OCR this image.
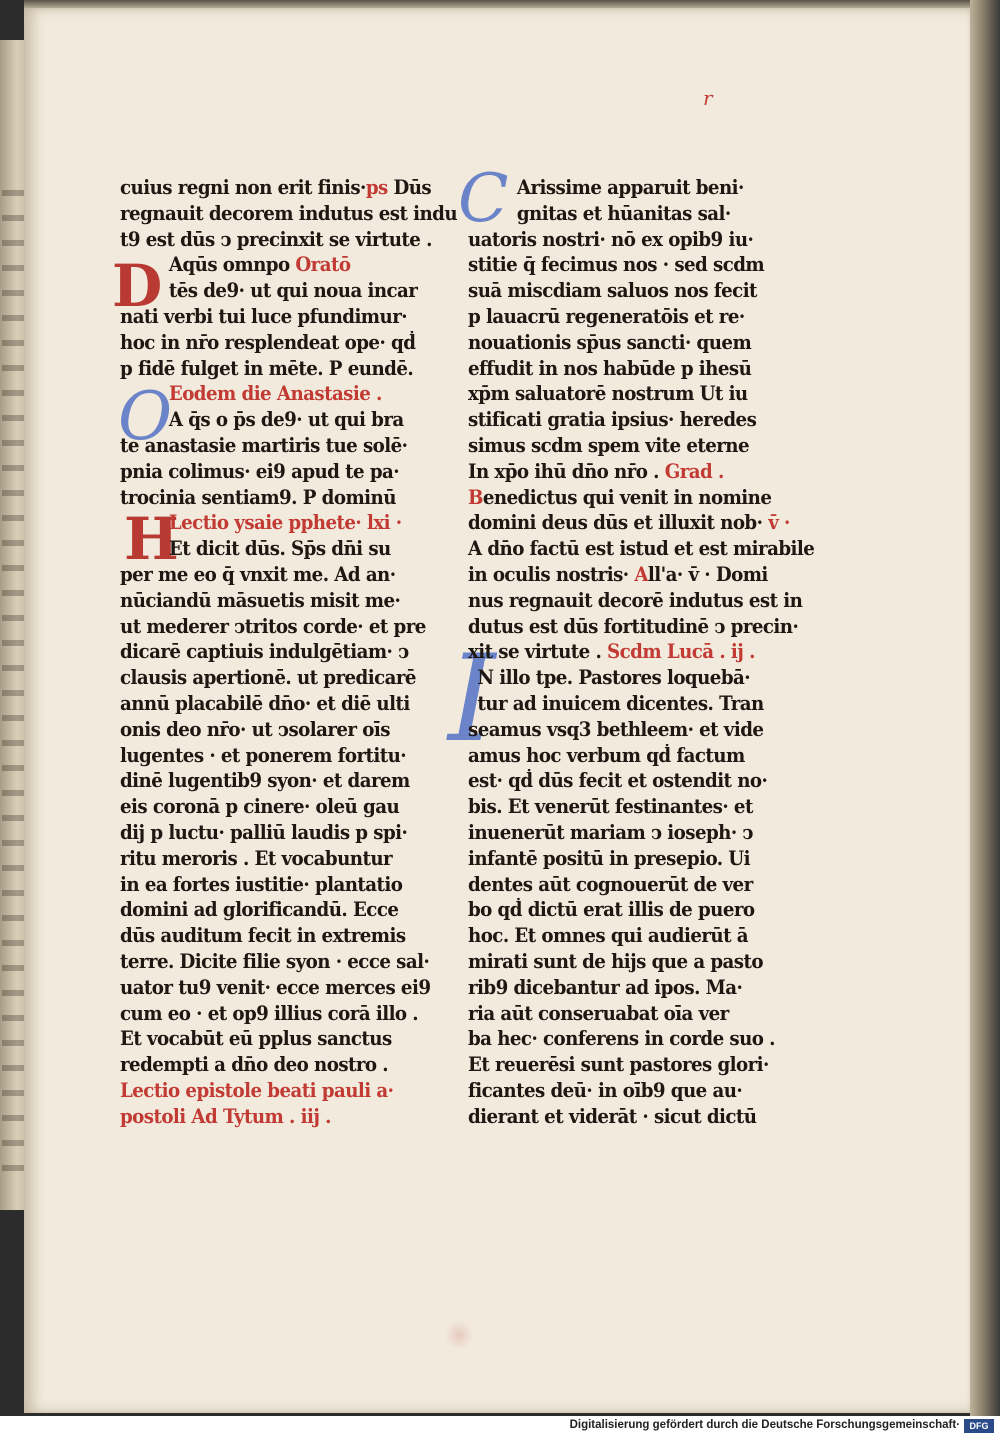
r
D
O
H
C
I
cuius regni non erit finis·ps Dūs
regnauit decorem indutus est indu
t9 est dūs ↄ precinxit se virtute .
Aqūs omnpo Oratō
tēs de9· ut qui noua incar
nati verbi tui luce pfundimur·
hoc in nr̄o resplendeat ope· qḋ
p fidē fulget in mēte. P eundē.
Eodem die Anastasie .
A q̄s o p̄s de9· ut qui bra
te anastasie martiris tue solē·
pnia colimus· ei9 apud te pa·
trocinia sentiam9. P dominū
Lectio ysaie pphete· lxi ·
Et dicit dūs. Sp̄s dn̄i su
per me eo q̄ vnxit me. Ad an·
nūciandū māsuetis misit me·
ut mederer ↄtritos corde· et pre
dicarē captiuis indulgētiam· ↄ
clausis apertionē. ut predicarē
annū placabilē dn̄o· et diē ulti
onis deo nr̄o· ut ↄsolarer oīs
lugentes · et ponerem fortitu·
dinē lugentib9 syon· et darem
eis coronā p cinere· oleū gau
dij p luctu· palliū laudis p spi·
ritu meroris . Et vocabuntur
in ea fortes iustitie· plantatio
domini ad glorificandū. Ecce
dūs auditum fecit in extremis
terre. Dicite filie syon · ecce sal·
uator tu9 venit· ecce merces ei9
cum eo · et op9 illius corā illo .
Et vocabūt eū pplus sanctus
redempti a dn̄o deo nostro .
Lectio epistole beati pauli a·
postoli Ad Tytum . iij .
Arissime apparuit beni·
gnitas et hūanitas sal·
uatoris nostri· nō ex opib9 iu·
stitie q̄ fecimus nos · sed scdm
suā miscdiam saluos nos fecit
p lauacrū regeneratōis et re·
nouationis sp̄us sancti· quem
effudit in nos habūde p ihesū
xp̄m saluatorē nostrum Ut iu
stificati gratia ipsius· heredes
simus scdm spem vite eterne
In xp̄o ihū dn̄o nr̄o . Grad .
Benedictus qui venit in nomine
domini deus dūs et illuxit nob· v̄ ·
A dn̄o factū est istud et est mirabile
in oculis nostris· All'a· v̄ · Domi
nus regnauit decorē indutus est in
dutus est dūs fortitudinē ↄ precin·
xit se virtute . Scdm Lucā . ij .
N illo tpe. Pastores loquebā·
tur ad inuicem dicentes. Tran
seamus vsq3 bethleem· et vide
amus hoc verbum qḋ factum
est· qḋ dūs fecit et ostendit no·
bis. Et venerūt festinantes· et
inuenerūt mariam ↄ ioseph· ↄ
infantē positū in presepio. Ui
dentes aūt cognouerūt de ver
bo qḋ dictū erat illis de puero
hoc. Et omnes qui audierūt ā
mirati sunt de hijs que a pasto
rib9 dicebantur ad ipos. Ma·
ria aūt conseruabat oīa ver
ba hec· conferens in corde suo .
Et reuerēsi sunt pastores glori·
ficantes deū· in oīb9 que au·
dierant et viderāt · sicut dictū
Digitalisierung gefördert durch die Deutsche Forschungsgemeinschaft·	DFG
